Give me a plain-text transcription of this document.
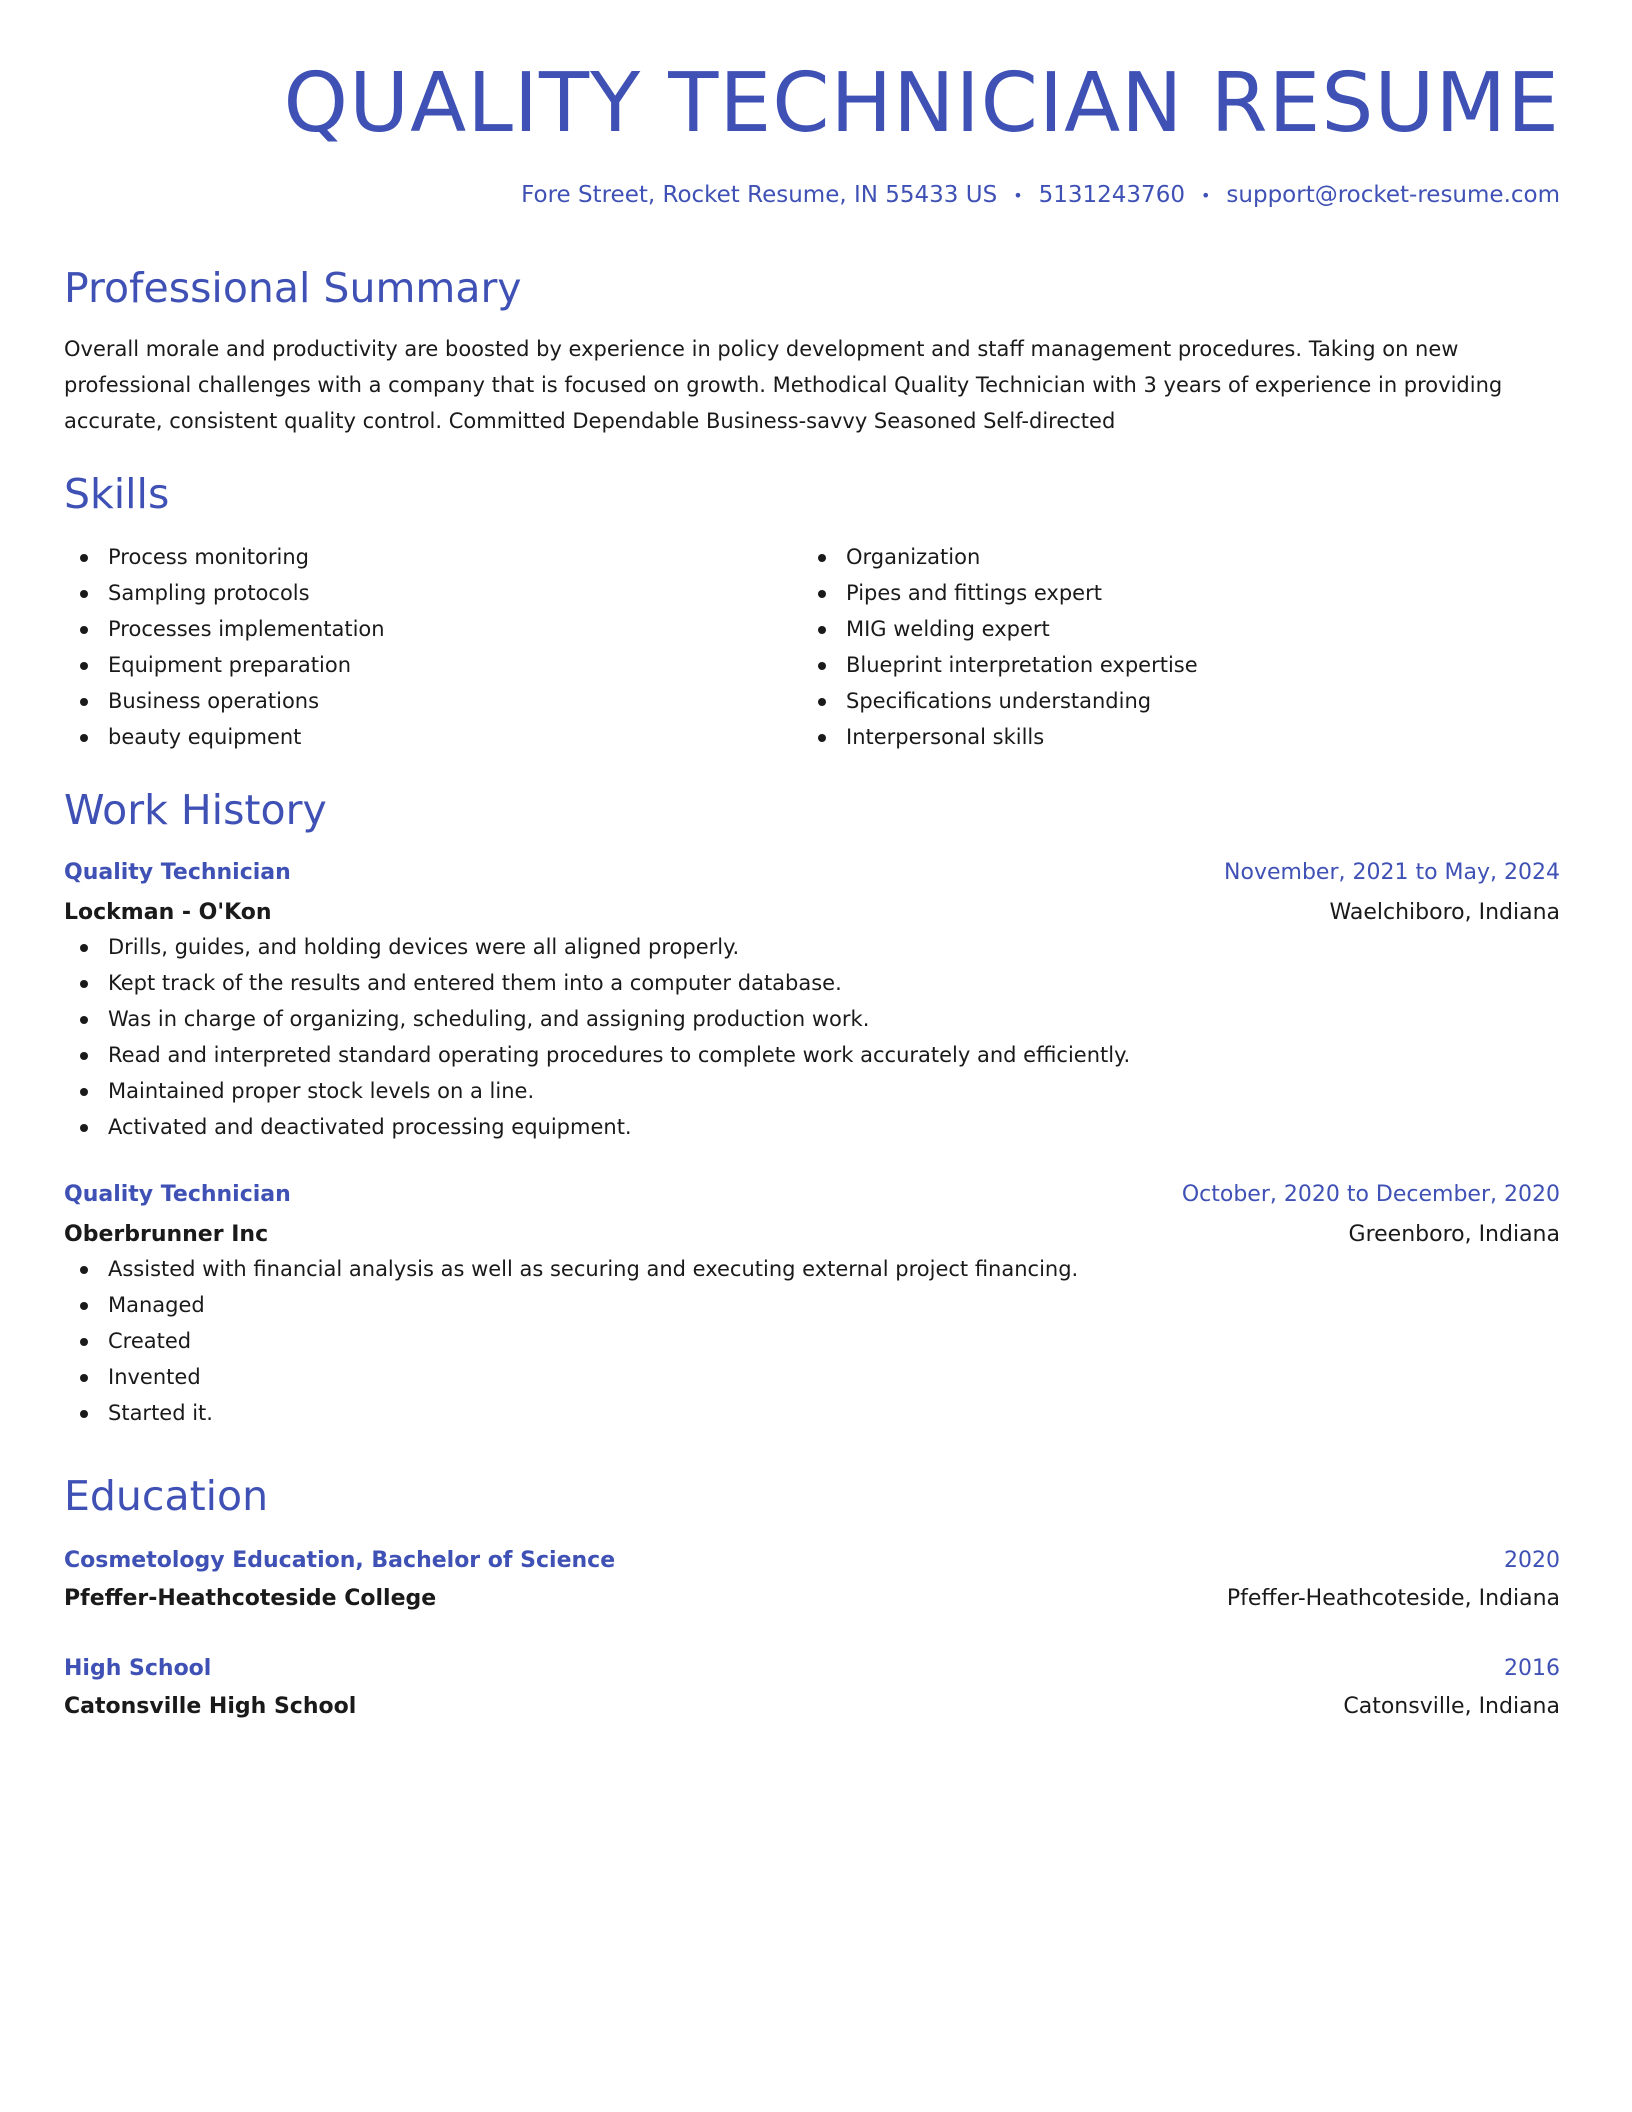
QUALITY TECHNICIAN RESUME
Fore Street, Rocket Resume, IN 55433 US • 5131243760 • support@rocket-resume.com
Professional Summary
Overall morale and productivity are boosted by experience in policy development and staff management procedures. Taking on new professional challenges with a company that is focused on growth. Methodical Quality Technician with 3 years of experience in providing accurate, consistent quality control. Committed Dependable Business-savvy Seasoned Self-directed
Skills
Process monitoring
Sampling protocols
Processes implementation
Equipment preparation
Business operations
beauty equipment
Organization
Pipes and fittings expert
MIG welding expert
Blueprint interpretation expertise
Specifications understanding
Interpersonal skills
Work History
Quality Technician	November, 2021 to May, 2024
Lockman - O'Kon	Waelchiboro, Indiana
Drills, guides, and holding devices were all aligned properly.
Kept track of the results and entered them into a computer database.
Was in charge of organizing, scheduling, and assigning production work.
Read and interpreted standard operating procedures to complete work accurately and efficiently.
Maintained proper stock levels on a line.
Activated and deactivated processing equipment.
Quality Technician	October, 2020 to December, 2020
Oberbrunner Inc	Greenboro, Indiana
Assisted with financial analysis as well as securing and executing external project financing.
Managed
Created
Invented
Started it.
Education
Cosmetology Education, Bachelor of Science	2020
Pfeffer-Heathcoteside College	Pfeffer-Heathcoteside, Indiana
High School	2016
Catonsville High School	Catonsville, Indiana
